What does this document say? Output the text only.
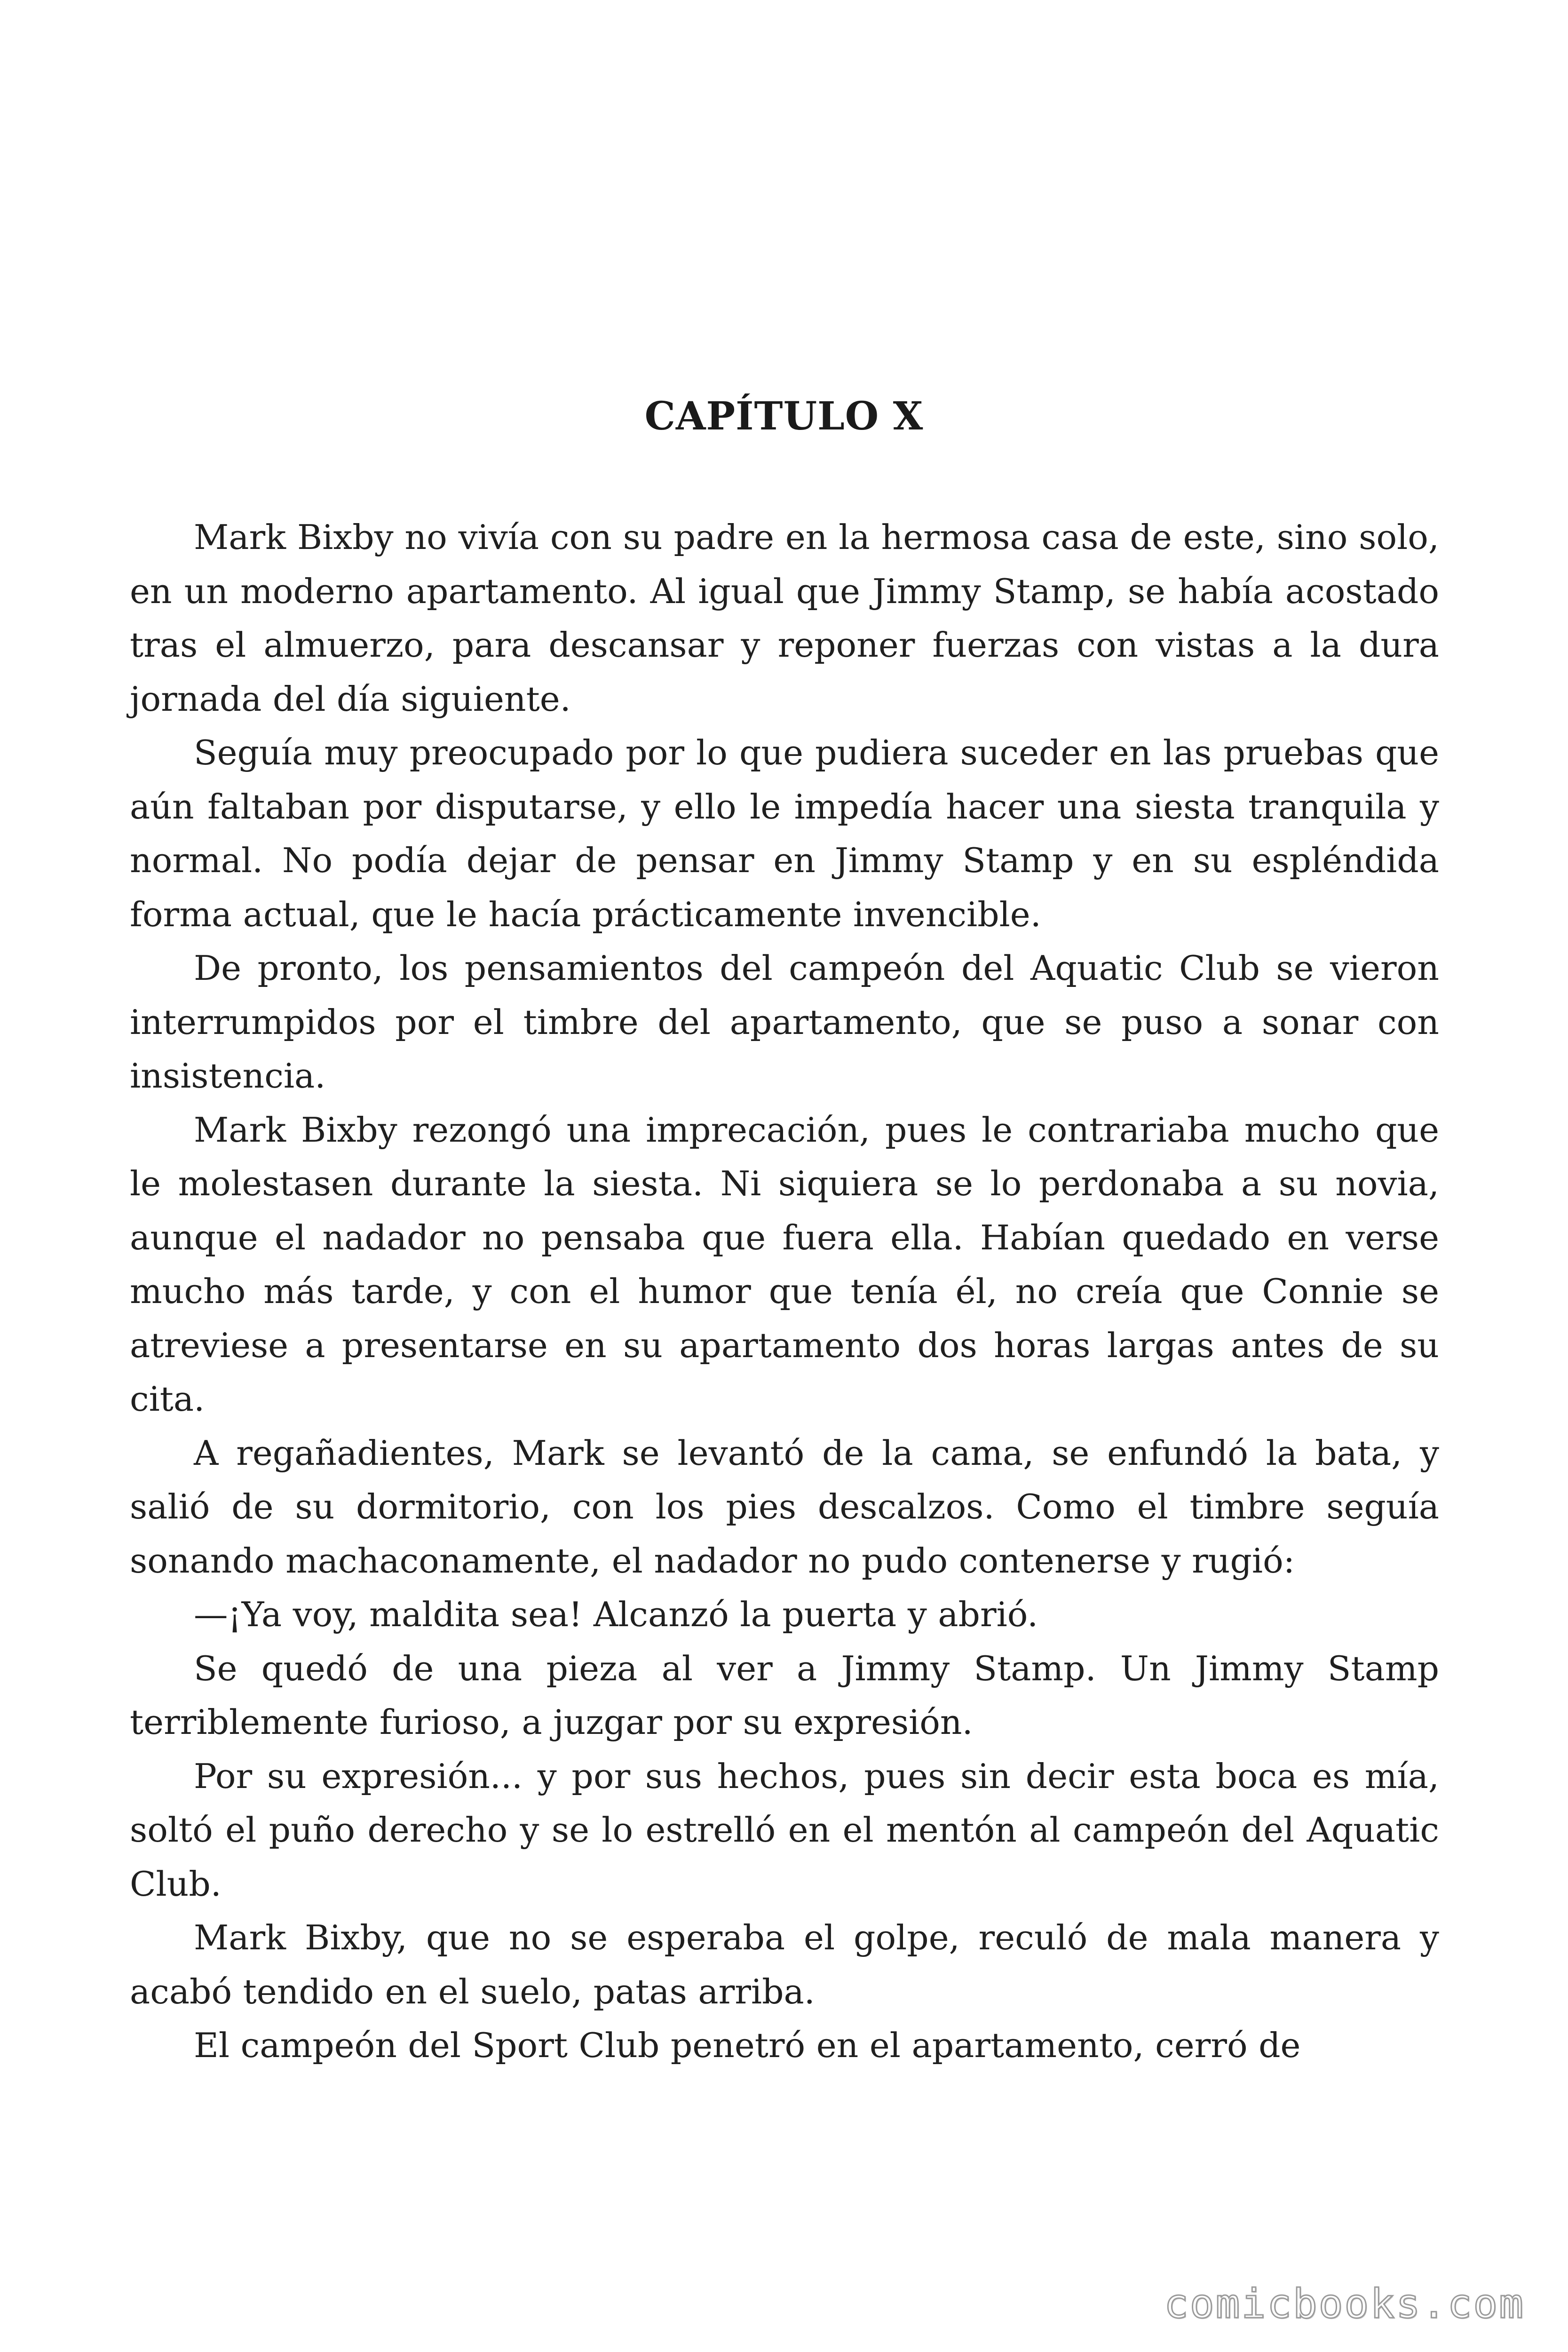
CAPÍTULO X

Mark Bixby no vivía con su padre en la hermosa casa de este, sino solo, en un moderno apartamento. Al igual que Jimmy Stamp, se había acostado tras el almuerzo, para descansar y reponer fuerzas con vistas a la dura jornada del día siguiente.

Seguía muy preocupado por lo que pudiera suceder en las pruebas que aún faltaban por disputarse, y ello le impedía hacer una siesta tranquila y normal. No podía dejar de pensar en Jimmy Stamp y en su espléndida forma actual, que le hacía prácticamente invencible.

De pronto, los pensamientos del campeón del Aquatic Club se vieron interrumpidos por el timbre del apartamento, que se puso a sonar con insistencia.

Mark Bixby rezongó una imprecación, pues le contrariaba mucho que le molestasen durante la siesta. Ni siquiera se lo perdonaba a su novia, aunque el nadador no pensaba que fuera ella. Habían quedado en verse mucho más tarde, y con el humor que tenía él, no creía que Connie se atreviese a presentarse en su apartamento dos horas largas antes de su cita.

A regañadientes, Mark se levantó de la cama, se enfundó la bata, y salió de su dormitorio, con los pies descalzos. Como el timbre seguía sonando machaconamente, el nadador no pudo contenerse y rugió:

—¡Ya voy, maldita sea! Alcanzó la puerta y abrió.

Se quedó de una pieza al ver a Jimmy Stamp. Un Jimmy Stamp terriblemente furioso, a juzgar por su expresión.

Por su expresión... y por sus hechos, pues sin decir esta boca es mía, soltó el puño derecho y se lo estrelló en el mentón al campeón del Aquatic Club.

Mark Bixby, que no se esperaba el golpe, reculó de mala manera y acabó tendido en el suelo, patas arriba.

El campeón del Sport Club penetró en el apartamento, cerró de

comicbooks.com
